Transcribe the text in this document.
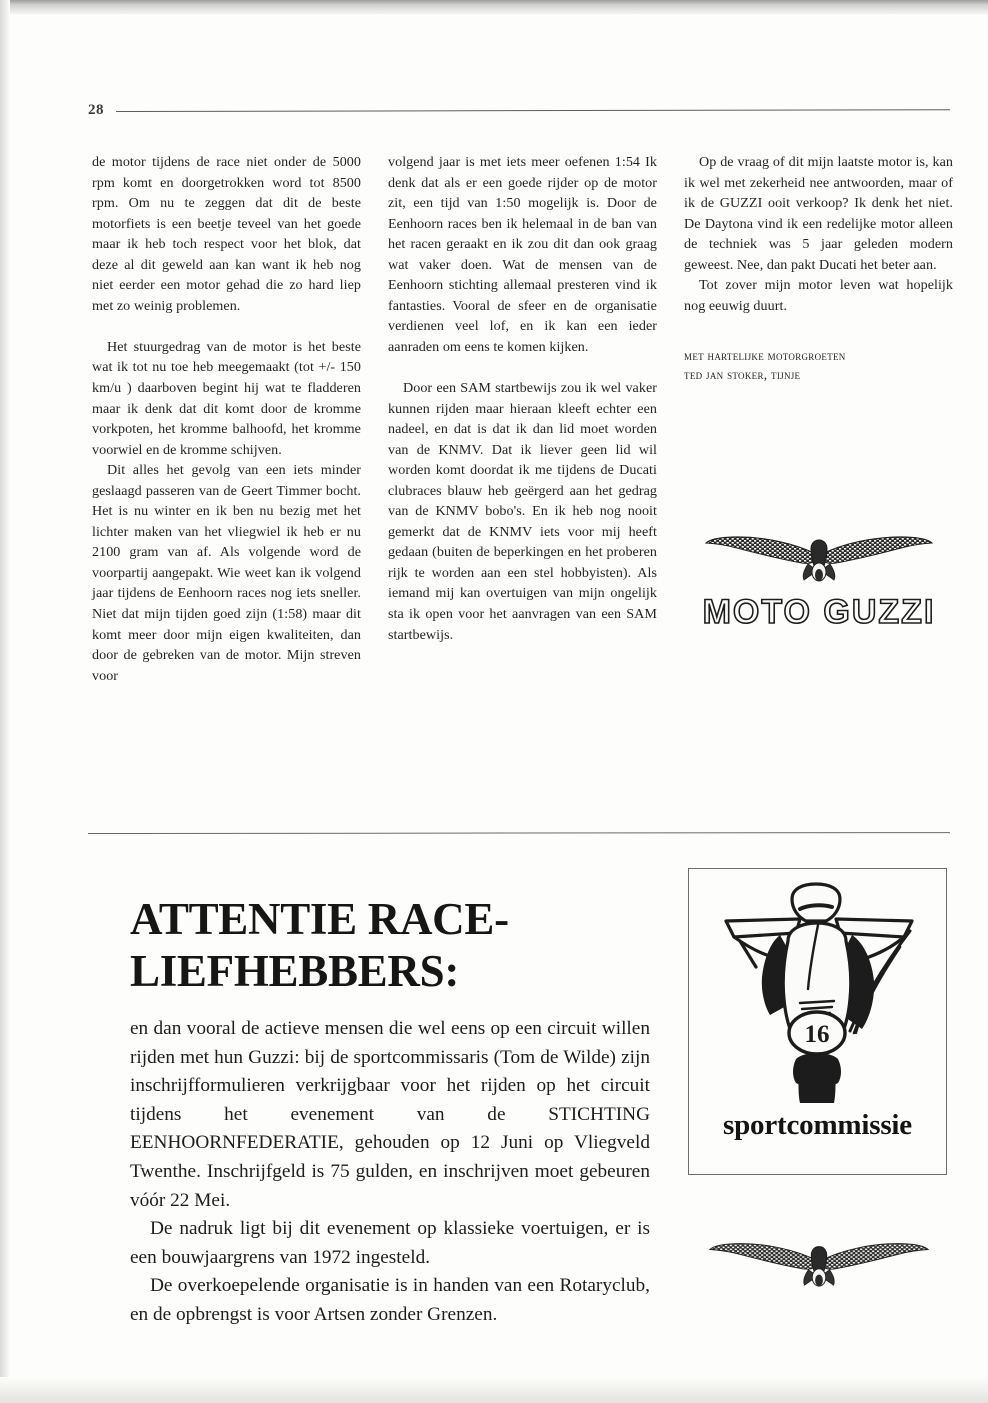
28

de motor tijdens de race niet onder de 5000 rpm komt en doorgetrokken word tot 8500 rpm. Om nu te zeggen dat dit de beste motorfiets is een beetje teveel van het goede maar ik heb toch respect voor het blok, dat deze al dit geweld aan kan want ik heb nog niet eerder een motor gehad die zo hard liep met zo weinig problemen.

Het stuurgedrag van de motor is het beste wat ik tot nu toe heb meegemaakt (tot +/- 150 km/u ) daarboven begint hij wat te fladderen maar ik denk dat dit komt door de kromme vorkpoten, het kromme balhoofd, het kromme voorwiel en de kromme schijven.

Dit alles het gevolg van een iets minder geslaagd passeren van de Geert Timmer bocht. Het is nu winter en ik ben nu bezig met het lichter maken van het vliegwiel ik heb er nu 2100 gram van af. Als volgende word de voorpartij aangepakt. Wie weet kan ik volgend jaar tijdens de Eenhoorn races nog iets sneller. Niet dat mijn tijden goed zijn (1:58) maar dit komt meer door mijn eigen kwaliteiten, dan door de gebreken van de motor. Mijn streven voor

volgend jaar is met iets meer oefenen 1:54 Ik denk dat als er een goede rijder op de motor zit, een tijd van 1:50 mogelijk is. Door de Eenhoorn races ben ik helemaal in de ban van het racen geraakt en ik zou dit dan ook graag wat vaker doen. Wat de mensen van de Eenhoorn stichting allemaal presteren vind ik fantasties. Vooral de sfeer en de organisatie verdienen veel lof, en ik kan een ieder aanraden om eens te komen kijken.

Door een SAM startbewijs zou ik wel vaker kunnen rijden maar hieraan kleeft echter een nadeel, en dat is dat ik dan lid moet worden van de KNMV. Dat ik liever geen lid wil worden komt doordat ik me tijdens de Ducati clubraces blauw heb geërgerd aan het gedrag van de KNMV bobo's. En ik heb nog nooit gemerkt dat de KNMV iets voor mij heeft gedaan (buiten de beperkingen en het proberen rijk te worden aan een stel hobbyisten). Als iemand mij kan overtuigen van mijn ongelijk sta ik open voor het aanvragen van een SAM startbewijs.

Op de vraag of dit mijn laatste motor is, kan ik wel met zekerheid nee antwoorden, maar of ik de GUZZI ooit verkoop? Ik denk het niet. De Daytona vind ik een redelijke motor alleen de techniek was 5 jaar geleden modern geweest. Nee, dan pakt Ducati het beter aan.

Tot zover mijn motor leven wat hopelijk nog eeuwig duurt.

met hartelijke motorgroeten
ted jan stoker, tijnje
MOTO GUZZI
ATTENTIE RACE-LIEFHEBBERS:

en dan vooral de actieve mensen die wel eens op een circuit willen rijden met hun Guzzi: bij de sportcommissaris (Tom de Wilde) zijn inschrijfformulieren verkrijgbaar voor het rijden op het circuit tijdens het evenement van de STICHTING EENHOORNFEDERATIE, gehouden op 12 Juni op Vliegveld Twenthe. Inschrijfgeld is 75 gulden, en inschrijven moet gebeuren vóór 22 Mei.

De nadruk ligt bij dit evenement op klassieke voertuigen, er is een bouwjaargrens van 1972 ingesteld.

De overkoepelende organisatie is in handen van een Rotaryclub, en de opbrengst is voor Artsen zonder Grenzen.

16
sportcommissie
